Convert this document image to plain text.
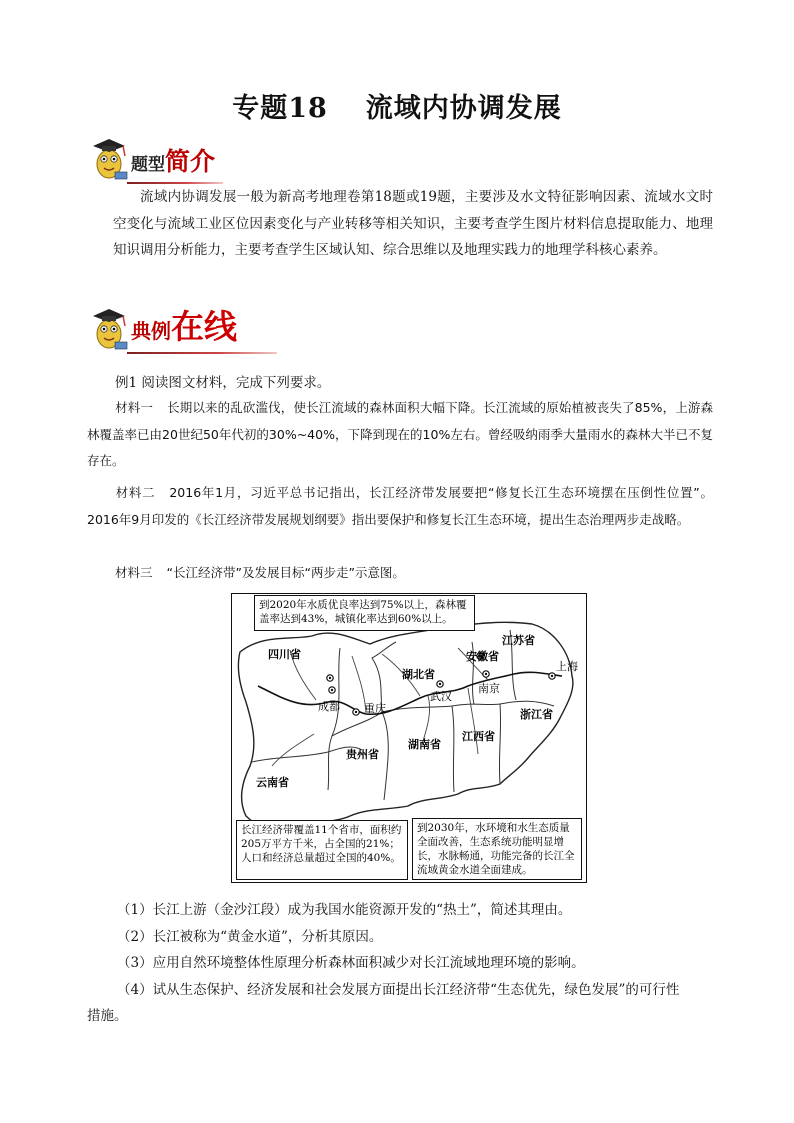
专题18 流域内协调发展
题型简介
流域内协调发展一般为新高考地理卷第18题或19题，主要涉及水文特征影响因素、流域水文时空变化与流域工业区位因素变化与产业转移等相关知识，主要考查学生图片材料信息提取能力、地理知识调用分析能力，主要考查学生区域认知、综合思维以及地理实践力的地理学科核心素养。
典例在线
例1 阅读图文材料，完成下列要求。
材料一 长期以来的乱砍滥伐，使长江流域的森林面积大幅下降。长江流域的原始植被丧失了85%，上游森林覆盖率已由20世纪50年代初的30%~40%，下降到现在的10%左右。曾经吸纳雨季大量雨水的森林大半已不复存在。
材料二 2016年1月，习近平总书记指出，长江经济带发展要把“修复长江生态环境摆在压倒性位置”。2016年9月印发的《长江经济带发展规划纲要》指出要保护和修复长江生态环境，提出生态治理两步走战略。
材料三 “长江经济带”及发展目标“两步走”示意图。
到2020年水质优良率达到75%以上，森林覆盖率达到43%，城镇化率达到60%以上。
四川省
云南省
贵州省
湖北省
湖南省
江西省
安徽省
江苏省
浙江省
成都 重庆
武汉
南京
上海
长江经济带覆盖11个省市，面积约205万平方千米，占全国的21%；人口和经济总量超过全国的40%。
到2030年，水环境和水生态质量全面改善，生态系统功能明显增长，水脉畅通，功能完备的长江全流域黄金水道全面建成。
（1）长江上游（金沙江段）成为我国水能资源开发的“热土”，简述其理由。
（2）长江被称为“黄金水道”，分析其原因。
（3）应用自然环境整体性原理分析森林面积减少对长江流域地理环境的影响。
（4）试从生态保护、经济发展和社会发展方面提出长江经济带“生态优先，绿色发展”的可行性
措施。
